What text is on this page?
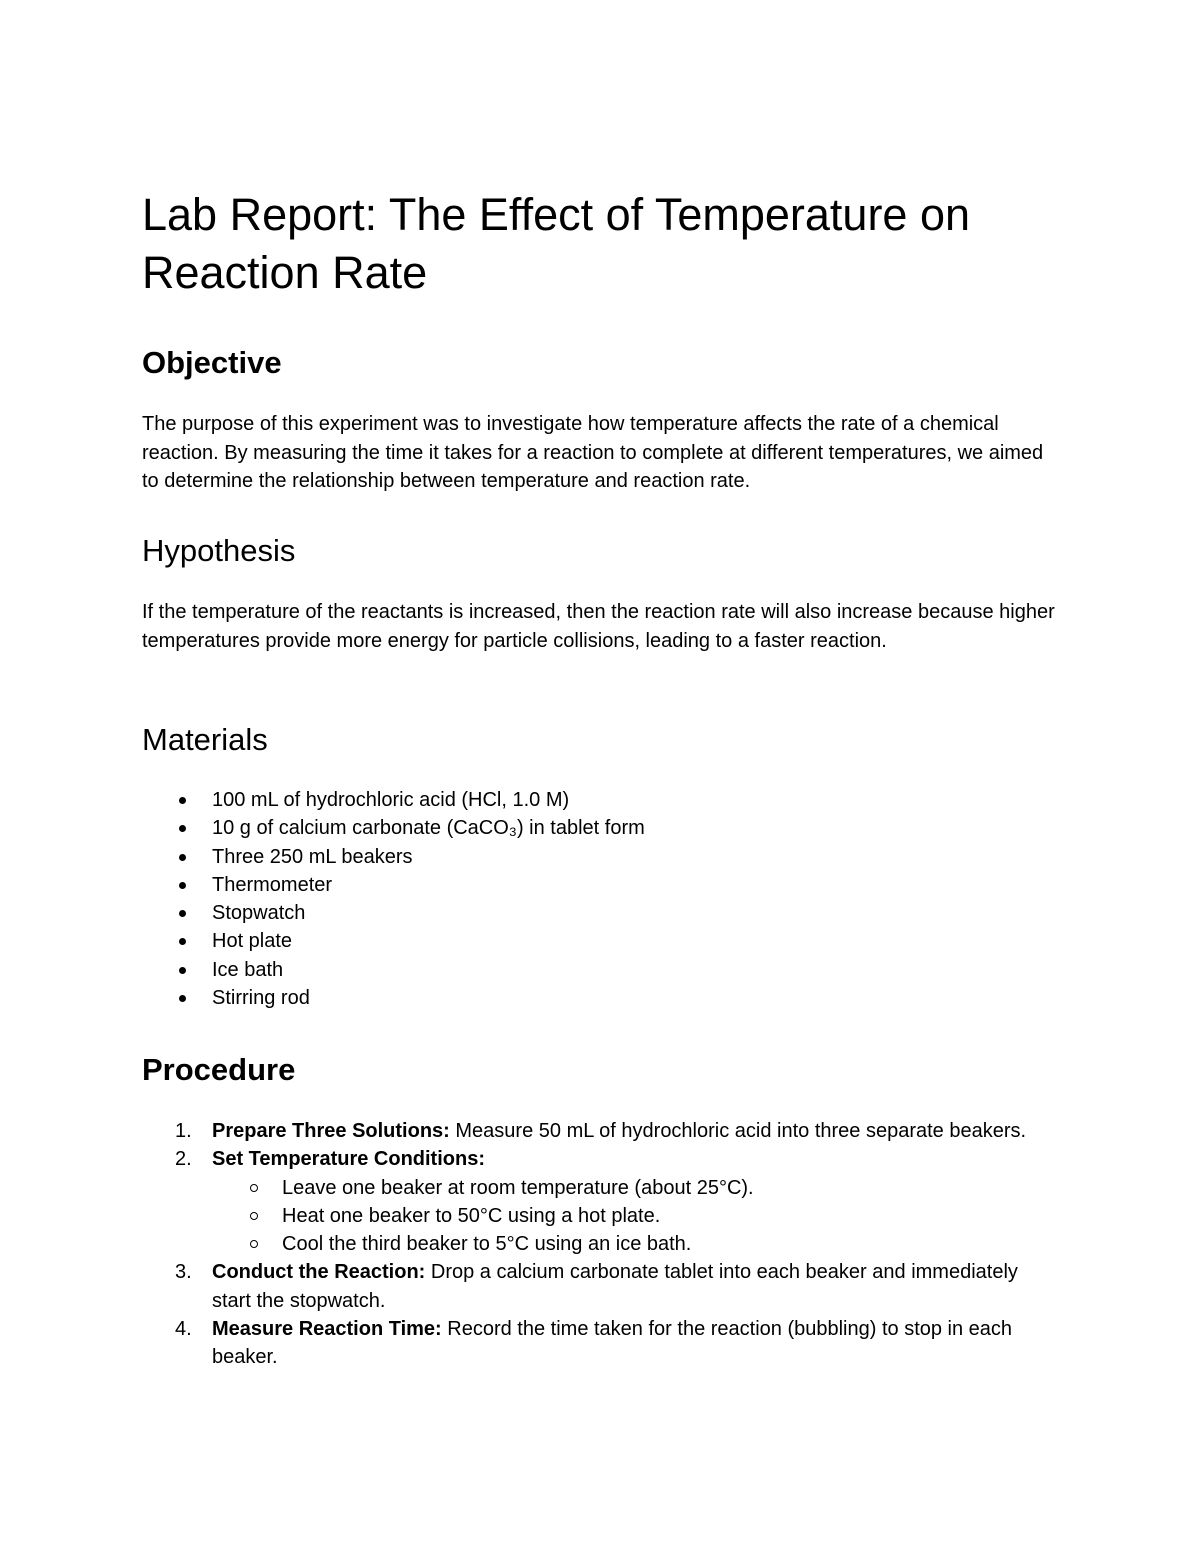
Lab Report: The Effect of Temperature on Reaction Rate
Objective

The purpose of this experiment was to investigate how temperature affects the rate of a chemical reaction. By measuring the time it takes for a reaction to complete at different temperatures, we aimed to determine the relationship between temperature and reaction rate.

Hypothesis

If the temperature of the reactants is increased, then the reaction rate will also increase because higher temperatures provide more energy for particle collisions, leading to a faster reaction.

Materials
100 mL of hydrochloric acid (HCl, 1.0 M)
10 g of calcium carbonate (CaCO₃) in tablet form
Three 250 mL beakers
Thermometer
Stopwatch
Hot plate
Ice bath
Stirring rod
Procedure
1. Prepare Three Solutions: Measure 50 mL of hydrochloric acid into three separate beakers.
2. Set Temperature Conditions:
Leave one beaker at room temperature (about 25°C).
Heat one beaker to 50°C using a hot plate.
Cool the third beaker to 5°C using an ice bath.
3. Conduct the Reaction: Drop a calcium carbonate tablet into each beaker and immediately start the stopwatch.
4. Measure Reaction Time: Record the time taken for the reaction (bubbling) to stop in each beaker.
